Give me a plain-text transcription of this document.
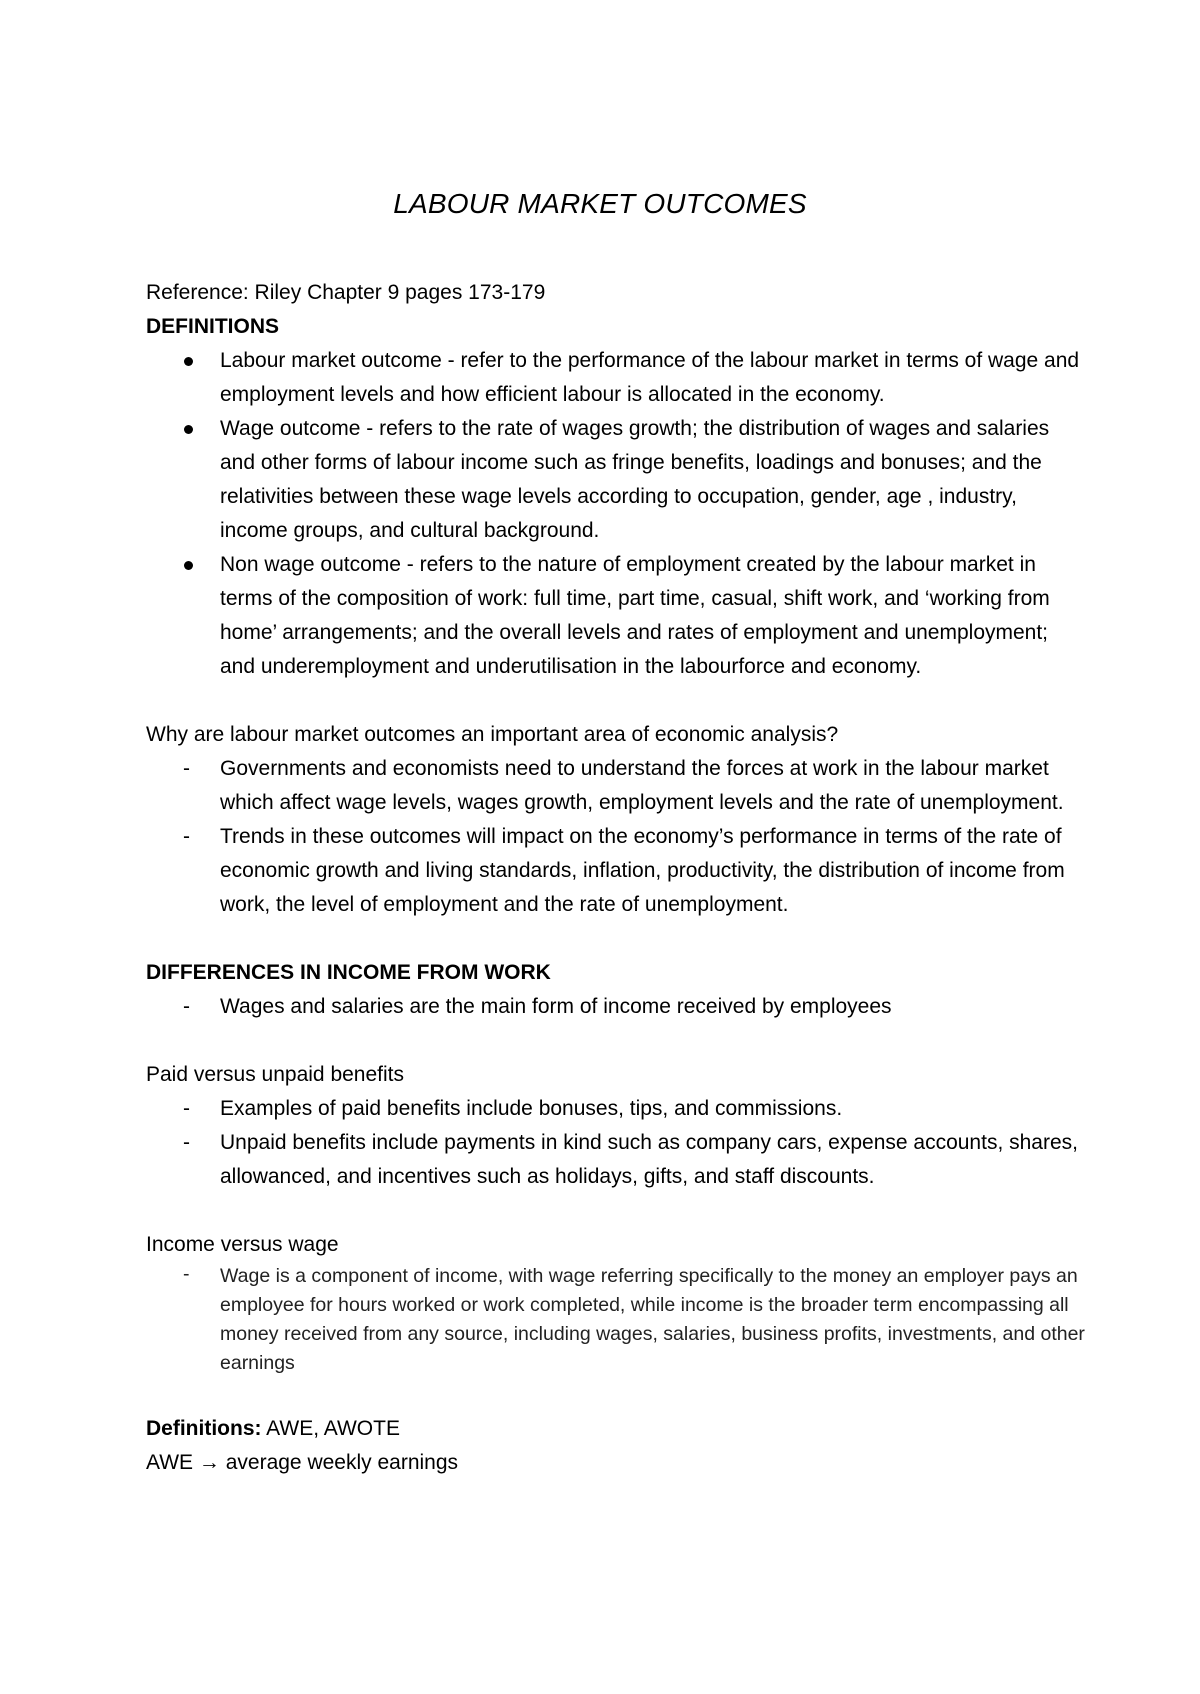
LABOUR MARKET OUTCOMES

Reference: Riley Chapter 9 pages 173-179

DEFINITIONS

Labour market outcome - refer to the performance of the labour market in terms of wage and employment levels and how efficient labour is allocated in the economy.
Wage outcome - refers to the rate of wages growth; the distribution of wages and salaries and other forms of labour income such as fringe benefits, loadings and bonuses; and the relativities between these wage levels according to occupation, gender, age , industry, income groups, and cultural background.
Non wage outcome - refers to the nature of employment created by the labour market in terms of the composition of work: full time, part time, casual, shift work, and ‘working from home’ arrangements; and the overall levels and rates of employment and unemployment; and underemployment and underutilisation in the labourforce and economy.

Why are labour market outcomes an important area of economic analysis?

- Governments and economists need to understand the forces at work in the labour market which affect wage levels, wages growth, employment levels and the rate of unemployment.
- Trends in these outcomes will impact on the economy’s performance in terms of the rate of economic growth and living standards, inflation, productivity, the distribution of income from work, the level of employment and the rate of unemployment.

DIFFERENCES IN INCOME FROM WORK

- Wages and salaries are the main form of income received by employees

Paid versus unpaid benefits

- Examples of paid benefits include bonuses, tips, and commissions.
- Unpaid benefits include payments in kind such as company cars, expense accounts, shares, allowanced, and incentives such as holidays, gifts, and staff discounts.

Income versus wage

- Wage is a component of income, with wage referring specifically to the money an employer pays an employee for hours worked or work completed, while income is the broader term encompassing all money received from any source, including wages, salaries, business profits, investments, and other earnings

Definitions: AWE, AWOTE

AWE → average weekly earnings
